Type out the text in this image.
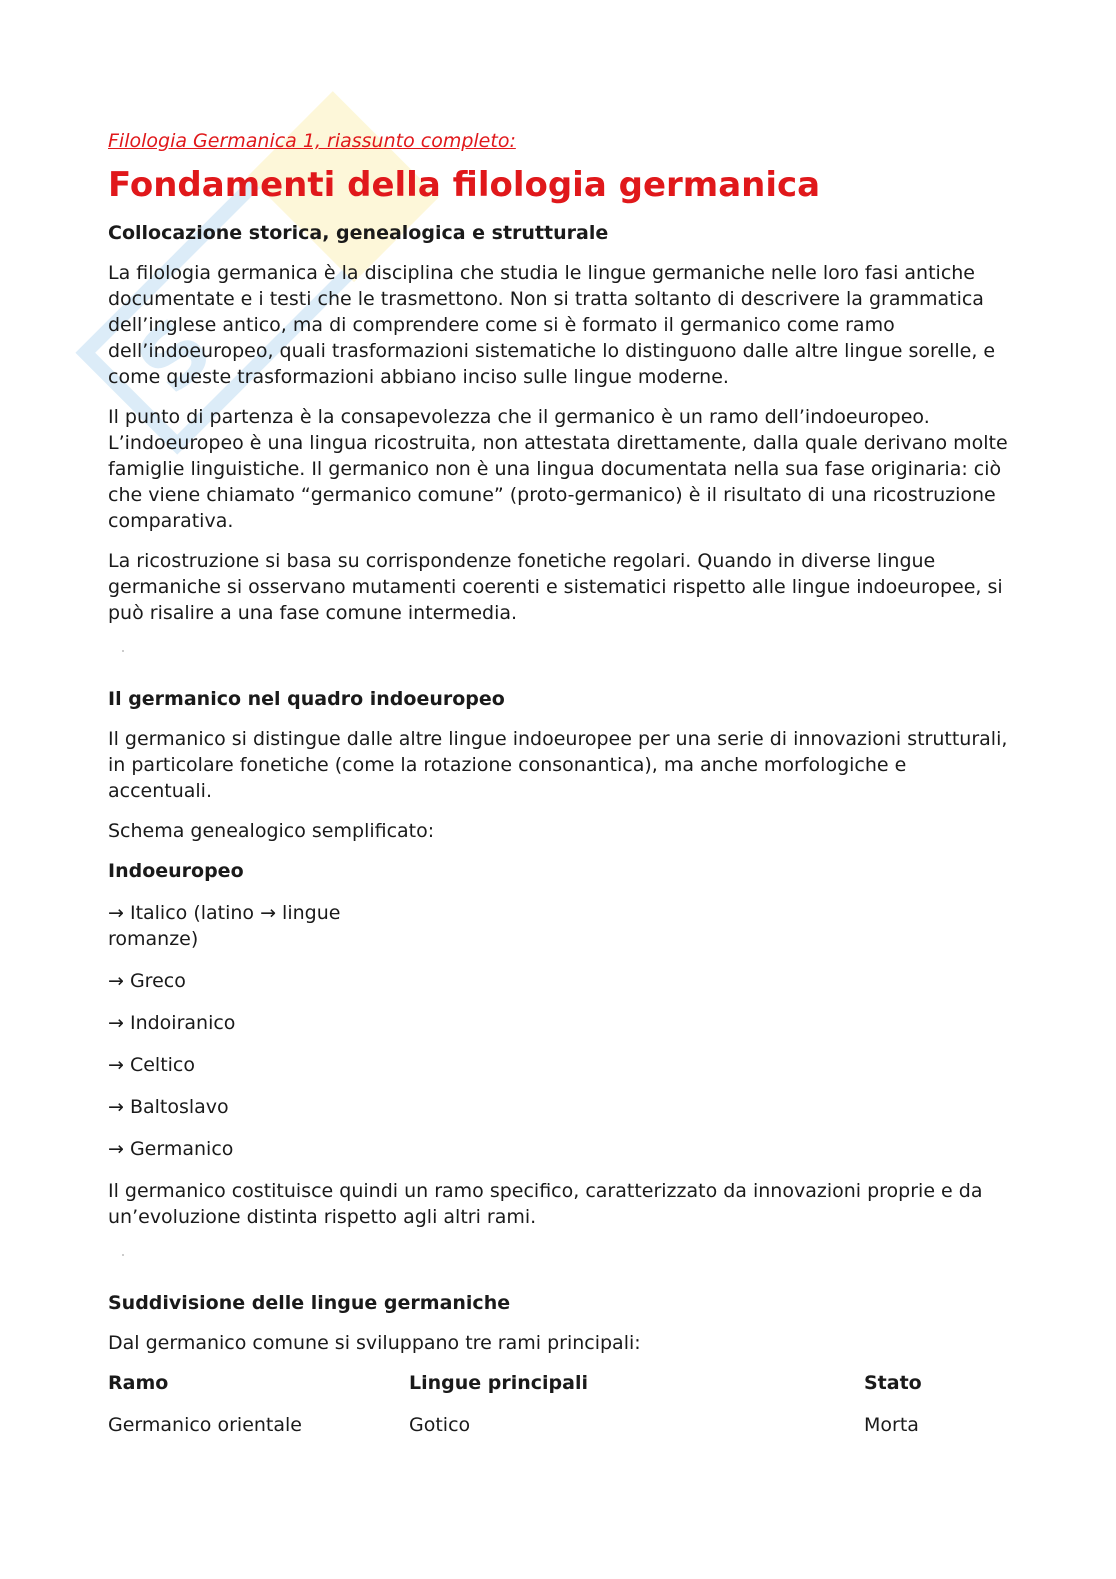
S
Filologia Germanica 1, riassunto completo:
Fondamenti della filologia germanica
Collocazione storica, genealogica e strutturale

La filologia germanica è la disciplina che studia le lingue germaniche nelle loro fasi antiche documentate e i testi che le trasmettono. Non si tratta soltanto di descrivere la grammatica dell’inglese antico, ma di comprendere come si è formato il germanico come ramo dell’indoeuropeo, quali trasformazioni sistematiche lo distinguono dalle altre lingue sorelle, e come queste trasformazioni abbiano inciso sulle lingue moderne.

Il punto di partenza è la consapevolezza che il germanico è un ramo dell’indoeuropeo. L’indoeuropeo è una lingua ricostruita, non attestata direttamente, dalla quale derivano molte famiglie linguistiche. Il germanico non è una lingua documentata nella sua fase originaria: ciò che viene chiamato “germanico comune” (proto-germanico) è il risultato di una ricostruzione comparativa.

La ricostruzione si basa su corrispondenze fonetiche regolari. Quando in diverse lingue germaniche si osservano mutamenti coerenti e sistematici rispetto alle lingue indoeuropee, si può risalire a una fase comune intermedia.

Il germanico nel quadro indoeuropeo

Il germanico si distingue dalle altre lingue indoeuropee per una serie di innovazioni strutturali, in particolare fonetiche (come la rotazione consonantica), ma anche morfologiche e accentuali.

Schema genealogico semplificato:

Indoeuropeo
→ Italico (latino → lingue romanze)
→ Greco
→ Indoiranico
→ Celtico
→ Baltoslavo
→ Germanico

Il germanico costituisce quindi un ramo specifico, caratterizzato da innovazioni proprie e da un’evoluzione distinta rispetto agli altri rami.

Suddivisione delle lingue germaniche

Dal germanico comune si sviluppano tre rami principali:

Ramo	Lingue principali	Stato
Germanico orientale	Gotico	Morta
